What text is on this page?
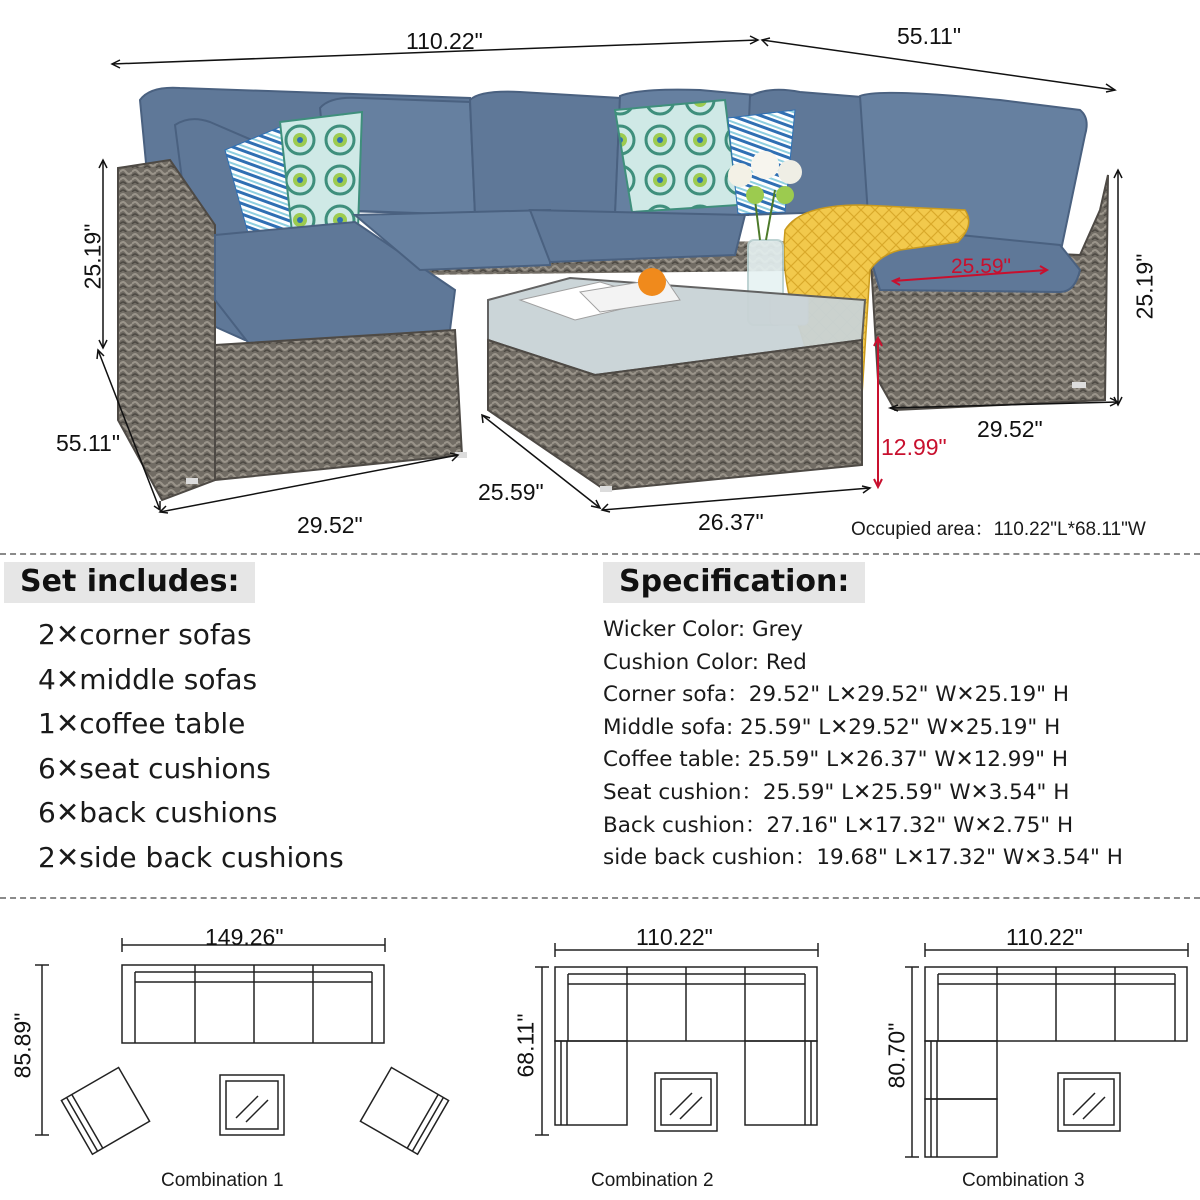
110.22"	55.11"
25.19"	25.19"
55.11"
29.52"
25.59"
26.37"
12.99"
25.59"
29.52"
Occupied area：110.22"L*68.11"W
Set includes:
2✕corner sofas
4✕middle sofas
1✕coffee table
6✕seat cushions
6✕back cushions
2✕side back cushions
Specification:
Wicker Color: Grey
Cushion Color: Red
Corner sofa：29.52" L✕29.52" W✕25.19" H
Middle sofa: 25.59" L✕29.52" W✕25.19" H
Coffee table: 25.59" L✕26.37" W✕12.99" H
Seat cushion：25.59" L✕25.59" W✕3.54" H
Back cushion：27.16" L✕17.32" W✕2.75" H
side back cushion：19.68" L✕17.32" W✕3.54" H
149.26"
85.89"
Combination 1
110.22"
68.11"
Combination 2
110.22"
80.70"
Combination 3
